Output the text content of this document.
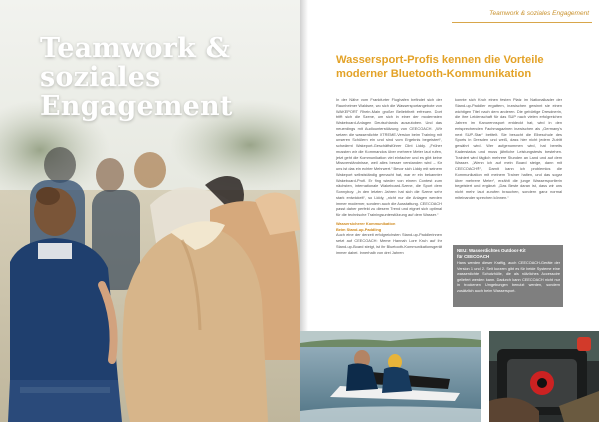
Teamwork &
soziales
Engagement
Teamwork & soziales Engagement
Wassersport-Profis kennen die Vorteile
moderner Bluetooth-Kommunikation

In der Nähe vom Frankfurter Flughafen befindet sich der Raunheimer Waldsee, wo sich die Wassersportangebote von WAKEPORT Rhein-Main großer Beliebtheit erfreuen. Dort trifft sich die Szene, um sich in einer der modernsten Wakeboard-Anlagen Deutschlands auszutoben. Und das neuerdings mit Audiounterstützung von CEECOACH. „Wir setzen die wasserdichte XTREME-Version beim Training mit unseren Schülern ein und sind vom Ergebnis begeistert“, schwärmt Wakeport-Geschäftsführer Clint Liddy. „Früher mussten wir die Kommandos über mehrere Meter laut rufen, jetzt geht die Kommunikation viel einfacher und es gibt keine Missverständnisse, weil alles besser verstanden wird – für uns ist das ein echter Mehrwert.“ Bevor sich Liddy mit seinem Wakeport selbstständig gemacht hat, war er ein bekannter Wakeboard-Profi. Er fing wieder von einem Contest zum nächsten, internationale Wakeboard-Szene, die Sport dem Sonnyboy: „In den letzten Jahren hat sich die Szene sehr stark entwickelt“, so Liddy, „nicht nur die Anlagen werden immer moderner, sondern auch die Ausstattung. CEECOACH passt daher perfekt zu diesem Trend und eignet sich optimal für die technische Trainingsunterstützung auf dem Wasser.“

Wassersicherer Kommunikation

Beim Stand-up-Paddling

Auch eine der derzeit erfolgreichsten Stand-up-Paddlerinnen setzt auf CEECOACH: Meme Hannah Lore Kruh auf ihr Stand-up-Board steigt, ist ihr Bluetooth-Kommunikationsgerät immer dabei. Innerhalb von drei Jahren

konnte sich Kruh einen festen Platz im Nationalkader der Stand-up-Paddler ergattern, inzwischen gewinnt sie einen wichtigen Titel nach dem anderen. Die gebürtige Dresdnerin, die ihre Leidenschaft für das SUP nach vielen erfolgreichen Jahren im Kanurennsport entdeckt hat, wird in den entsprechenden Fachmagazinen inzwischen als „Germany’s next SUP-Star“ betitelt. Sie besucht die Elbeschule des Sports in Dresden und weiß, dass hier nicht jedem Zutritt gewährt wird. Wer aufgenommen wird, hat bereits Kaderstatus und muss jährliche Leistungstests bestehen. Trainiert wird täglich mehrere Stunden an Land und auf dem Wasser. „Wenn ich auf mein Board steige, dann mit CEECOACH®“, Damit kann ich problemlos die Kommunikation mit meinem Trainer halten, und das sogar über mehrere Meter“, erzählt die junge Wassersportlerin begeistert und ergänzt: „Das Beste daran ist, dass wir uns nicht mehr laut zurufen brauchen, sondern ganz normal miteinander sprechen können.“

NEU: Wasserdichtes Outdoor-Kit
für CEECOACH

Hans werden dieser Kraftig, auch CEECOACH-Geräte der Version 1 und 2. Seit kurzem gibt es für beide Systeme eine wasserdichte Schutzhülle, die als nützliches Accessoire geliefert werden kann. Dadurch kann CEECOACH nicht nur in trockenen Umgebungen benutzt werden, sondern zusätzlich auch beim Wassersport.
